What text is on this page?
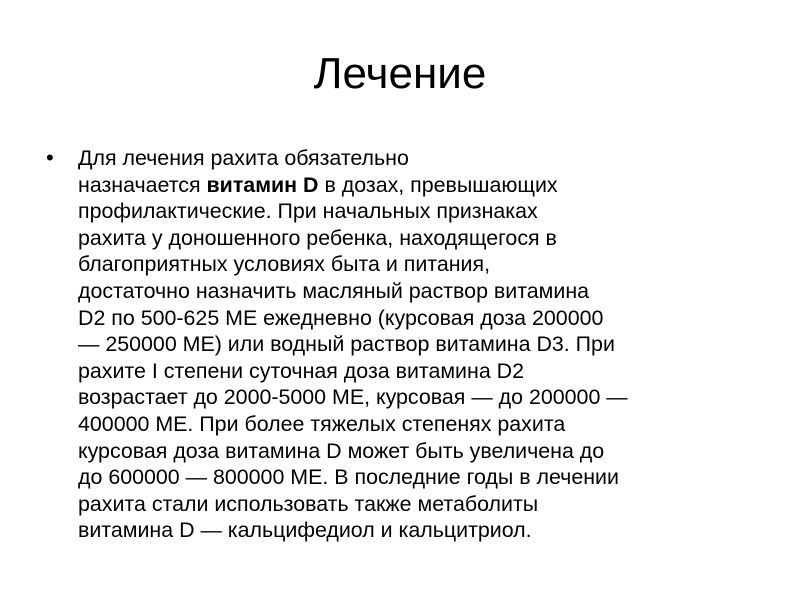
Лечение
• Для лечения рахита обязательно
назначается витамин D в дозах, превышающих
профилактические. При начальных признаках
рахита у доношенного ребенка, находящегося в
благоприятных условиях быта и питания,
достаточно назначить масляный раствор витамина
D2 по 500-625 МЕ ежедневно (курсовая доза 200000
— 250000 МЕ) или водный раствор витамина D3. При
рахите I степени суточная доза витамина D2
возрастает до 2000-5000 МЕ, курсовая — до 200000 —
400000 МЕ. При более тяжелых степенях рахита
курсовая доза витамина D может быть увеличена до
до 600000 — 800000 МЕ. В последние годы в лечении
рахита стали использовать также метаболиты
витамина D — кальцифедиол и кальцитриол.
